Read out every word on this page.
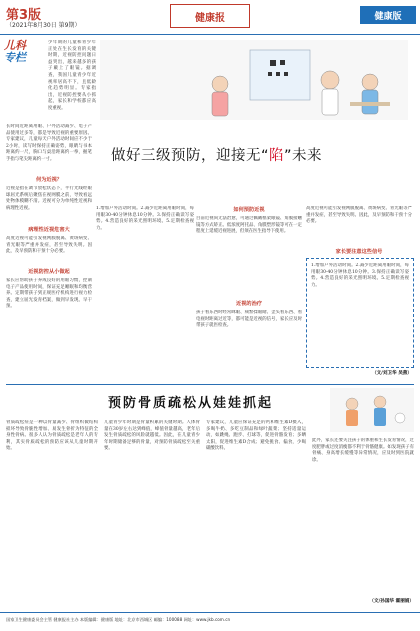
第3版
（2021年8月30日 第9期）
健康报	健康版
儿科
专栏
做好三级预防，迎接无“陷”未来
少年期的儿童和青少年正处在生长发育的关键时期，近视防控问题日益突出，越来越多的孩子戴上了眼镜。据调查，我国儿童青少年近视率居高不下，且低龄化趋势明显。专家指出，近视防控要从小抓起，家长和学校都应高度重视。
长时间近距离用眼、户外活动减少、电子产品使用过多等，都是导致近视的重要原因。专家建议，儿童每天户外活动时间应不少于2小时，读写时保持正确姿势，眼睛与书本距离约一尺，胸口与桌沿距离约一拳，握笔手指与笔尖距离约一寸。
何为近视？
近视是指在调节放松状态下，平行光线经眼球屈光系统后聚焦在视网膜之前，导致看远处物体模糊不清。近视可分为单纯性近视和病理性近视。
病理性近视危害大
高度近视可能引发视网膜脱离、黄斑病变、青光眼等严重并发症，甚至导致失明。因此，及早预防和干预十分必要。
近视防控从小做起
家长应帮助孩子养成良好的用眼习惯，控制电子产品使用时间，保证充足睡眠和均衡营养。定期带孩子到正规医疗机构进行视力检查，建立屈光发育档案，做到早发现、早干预。
1.增加户外活动时间。2.减少近距离用眼时间，每用眼30-40分钟休息10分钟。3.保持正确读写姿势。4.营造良好的采光照明环境。5.定期检查视力。
如何预防近视
目前近视尚无法治愈，可通过佩戴框架眼镜、角膜接触镜等方式矫正。低浓度阿托品、角膜塑形镜等可在一定程度上延缓近视进展，但须在医生指导下使用。
近视的治疗
孩子看东西时经常眯眼、频繁揉眼睛、歪头看东西、看电视时距离过近等，都可能是近视的信号，家长应及时带孩子就医检查。
家长要注意这些信号
高度近视可能引发视网膜脱离、黄斑病变、青光眼等严重并发症，甚至导致失明。因此，及早预防和干预十分必要。
1.增加户外活动时间。2.减少近距离用眼时间，每用眼30-40分钟休息10分钟。3.保持正确读写姿势。4.营造良好的采光照明环境。5.定期检查视力。
（文/刘卫华 吴燕）
预防骨质疏松从娃娃抓起
骨质疏松症是一种以骨量减少、骨组织微结构损坏导致骨脆性增加、易发生骨折为特征的全身性骨病。很多人认为骨质疏松是老年人的专利，其实骨质疏松的预防应该从儿童时期开始。
儿童青少年时期是骨量积累的关键时期。人体骨量在30岁左右达到峰值，峰值骨量越高，老年后发生骨质疏松的风险就越低。因此，在儿童青少年时期储备足够的骨量，对预防骨质疏松至关重要。
专家建议，儿童应保证充足的钙和维生素D摄入，多喝牛奶、多吃豆制品和绿叶蔬菜；坚持适量运动，如跳绳、跑步、打球等，促进骨骼发育；多晒太阳，促进维生素D合成；避免挑食、偏食，少喝碳酸饮料。
此外，家长还要关注孩子的体重和生长发育情况，过度肥胖或过度消瘦都不利于骨骼健康。如发现孩子有骨痛、身高增长缓慢等异常情况，应及时到医院就诊。
（文/孙国华 霍丽娟）
国家卫生健康委员会主管 健康报社主办 本版编辑：健康版 地址：北京市西城区 邮编：100088 网址：www.jkb.com.cn
